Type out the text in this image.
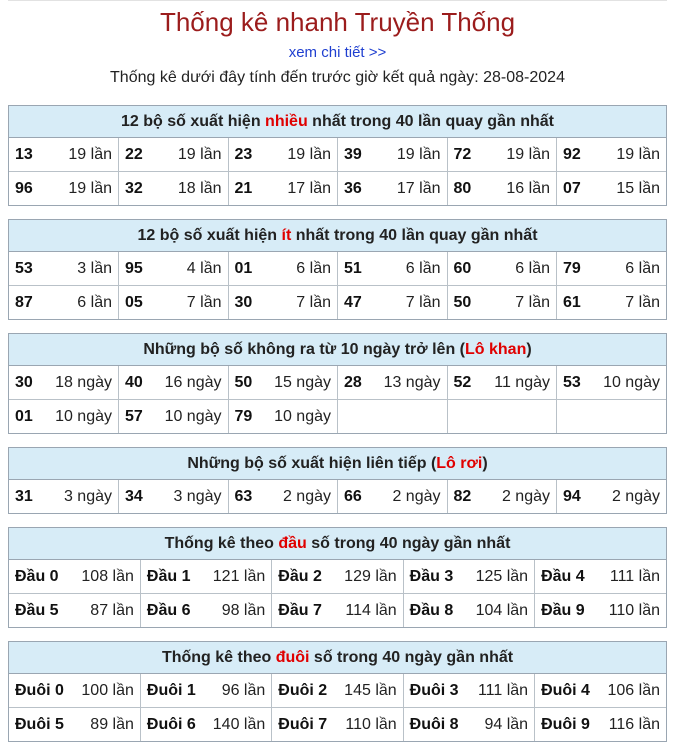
Thống kê nhanh Truyền Thống
xem chi tiết >>
Thống kê dưới đây tính đến trước giờ kết quả ngày: 28-08-2024
12 bộ số xuất hiện nhiều nhất trong 40 lần quay gần nhất
13 19 lần	22 19 lần	23 19 lần	39 19 lần	72 19 lần	92 19 lần

96 19 lần	32 18 lần	21 17 lần	36 17 lần	80 16 lần	07 15 lần
12 bộ số xuất hiện ít nhất trong 40 lần quay gần nhất
53 3 lần	95 4 lần	01 6 lần	51 6 lần	60 6 lần	79 6 lần

87 6 lần	05 7 lần	30 7 lần	47 7 lần	50 7 lần	61 7 lần
Những bộ số không ra từ 10 ngày trở lên (Lô khan)
30 18 ngày	40 16 ngày	50 15 ngày	28 13 ngày	52 11 ngày	53 10 ngày

01 10 ngày	57 10 ngày	79 10 ngày			

Những bộ số xuất hiện liên tiếp (Lô rơi)
31 3 ngày	34 3 ngày	63 2 ngày	66 2 ngày	82 2 ngày	94 2 ngày
Thống kê theo đầu số trong 40 ngày gần nhất
Đầu 0 108 lần	Đầu 1 121 lần	Đầu 2 129 lần	Đầu 3 125 lần	Đầu 4 111 lần

Đầu 5 87 lần	Đầu 6 98 lần	Đầu 7 114 lần	Đầu 8 104 lần	Đầu 9 110 lần
Thống kê theo đuôi số trong 40 ngày gần nhất
Đuôi 0 100 lần	Đuôi 1 96 lần	Đuôi 2 145 lần	Đuôi 3 111 lần	Đuôi 4 106 lần

Đuôi 5 89 lần	Đuôi 6 140 lần	Đuôi 7 110 lần	Đuôi 8 94 lần	Đuôi 9 116 lần
